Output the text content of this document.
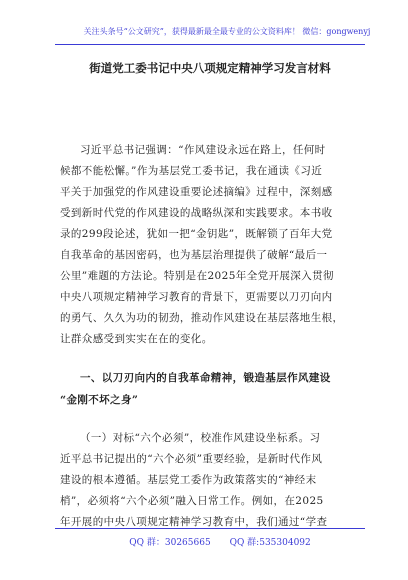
关注头条号“公文研究”，获得最新最全最专业的公文资料库！ 微信：gongwenyj
街道党工委书记中央八项规定精神学习发言材料
习近平总书记强调：“作风建设永远在路上，任何时
候都不能松懈。”作为基层党工委书记，我在通读《习近
平关于加强党的作风建设重要论述摘编》过程中，深刻感
受到新时代党的作风建设的战略纵深和实践要求。本书收
录的299段论述，犹如一把“金钥匙”，既解锁了百年大党
自我革命的基因密码，也为基层治理提供了破解“最后一
公里”难题的方法论。特别是在2025年全党开展深入贯彻
中央八项规定精神学习教育的背景下，更需要以刀刃向内
的勇气、久久为功的韧劲，推动作风建设在基层落地生根，
让群众感受到实实在在的变化。
一、以刀刃向内的自我革命精神，锻造基层作风建设
“金刚不坏之身”
（一）对标“六个必须”，校准作风建设坐标系。习
近平总书记提出的“六个必须”重要经验，是新时代作风
建设的根本遵循。基层党工委作为政策落实的“神经末
梢”，必须将“六个必须”融入日常工作。例如，在2025
年开展的中央八项规定精神学习教育中，我们通过“学查
QQ 群：30265665 QQ 群:535304092
